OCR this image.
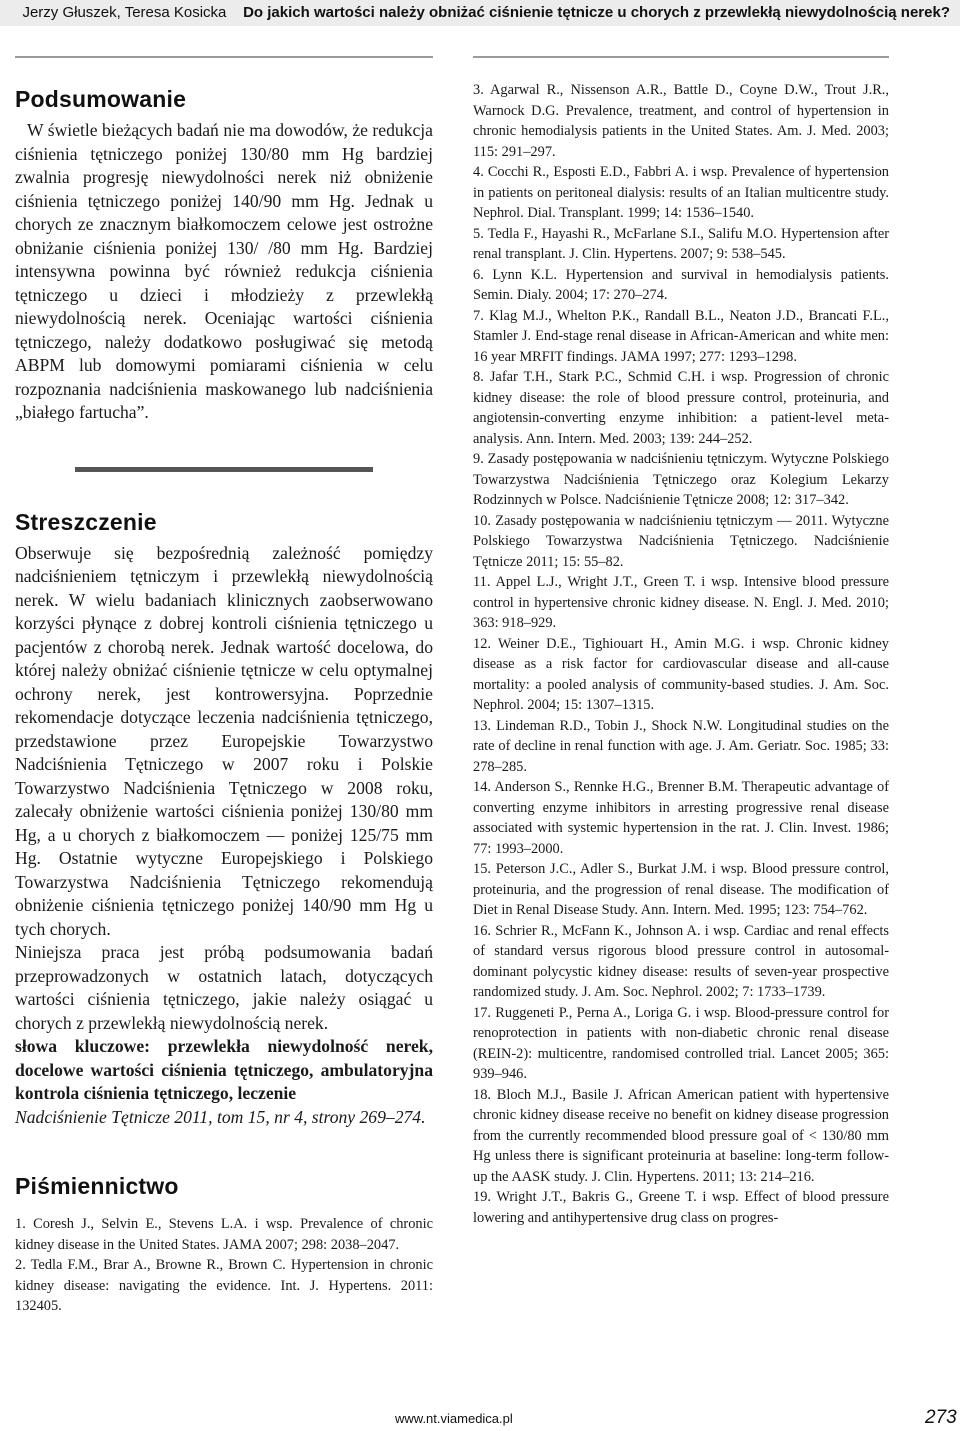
Jerzy Głuszek, Teresa Kosicka Do jakich wartości należy obniżać ciśnienie tętnicze u chorych z przewlekłą niewydolnością nerek?
Podsumowanie

W świetle bieżących badań nie ma dowodów, że redukcja ciśnienia tętniczego poniżej 130/80 mm Hg bardziej zwalnia progresję niewydolności nerek niż obniżenie ciśnienia tętniczego poniżej 140/90 mm Hg. Jednak u chorych ze znacznym białkomoczem celowe jest ostrożne obniżanie ciśnienia poniżej 130/ /80 mm Hg. Bardziej intensywna powinna być również redukcja ciśnienia tętniczego u dzieci i młodzieży z przewlekłą niewydolnością nerek. Oceniając wartości ciśnienia tętniczego, należy dodatkowo posługiwać się metodą ABPM lub domowymi pomiarami ciśnienia w celu rozpoznania nadciśnienia maskowanego lub nadciśnienia „białego fartucha”.

Streszczenie

Obserwuje się bezpośrednią zależność pomiędzy nadciśnieniem tętniczym i przewlekłą niewydolnością nerek. W wielu badaniach klinicznych zaobserwowano korzyści płynące z dobrej kontroli ciśnienia tętniczego u pacjentów z chorobą nerek. Jednak wartość docelowa, do której należy obniżać ciśnienie tętnicze w celu optymalnej ochrony nerek, jest kontrowersyjna. Poprzednie rekomendacje dotyczące leczenia nadciśnienia tętniczego, przedstawione przez Europejskie Towarzystwo Nadciśnienia Tętniczego w 2007 roku i Polskie Towarzystwo Nadciśnienia Tętniczego w 2008 roku, zalecały obniżenie wartości ciśnienia poniżej 130/80 mm Hg, a u chorych z białkomoczem — poniżej 125/75 mm Hg. Ostatnie wytyczne Europejskiego i Polskiego Towarzystwa Nadciśnienia Tętniczego rekomendują obniżenie ciśnienia tętniczego poniżej 140/90 mm Hg u tych chorych.

Niniejsza praca jest próbą podsumowania badań przeprowadzonych w ostatnich latach, dotyczących wartości ciśnienia tętniczego, jakie należy osiągać u chorych z przewlekłą niewydolnością nerek.

słowa kluczowe: przewlekła niewydolność nerek, docelowe wartości ciśnienia tętniczego, ambulatoryjna kontrola ciśnienia tętniczego, leczenie

Nadciśnienie Tętnicze 2011, tom 15, nr 4, strony 269–274.

Piśmiennictwo

1. Coresh J., Selvin E., Stevens L.A. i wsp. Prevalence of chronic kidney disease in the United States. JAMA 2007; 298: 2038–2047.

2. Tedla F.M., Brar A., Browne R., Brown C. Hypertension in chronic kidney disease: navigating the evidence. Int. J. Hypertens. 2011: 132405.

3. Agarwal R., Nissenson A.R., Battle D., Coyne D.W., Trout J.R., Warnock D.G. Prevalence, treatment, and control of hypertension in chronic hemodialysis patients in the United States. Am. J. Med. 2003; 115: 291–297.

4. Cocchi R., Esposti E.D., Fabbri A. i wsp. Prevalence of hypertension in patients on peritoneal dialysis: results of an Italian multicentre study. Nephrol. Dial. Transplant. 1999; 14: 1536–1540.

5. Tedla F., Hayashi R., McFarlane S.I., Salifu M.O. Hypertension after renal transplant. J. Clin. Hypertens. 2007; 9: 538–545.

6. Lynn K.L. Hypertension and survival in hemodialysis patients. Semin. Dialy. 2004; 17: 270–274.

7. Klag M.J., Whelton P.K., Randall B.L., Neaton J.D., Brancati F.L., Stamler J. End-stage renal disease in African-American and white men: 16 year MRFIT findings. JAMA 1997; 277: 1293–1298.

8. Jafar T.H., Stark P.C., Schmid C.H. i wsp. Progression of chronic kidney disease: the role of blood pressure control, proteinuria, and angiotensin-converting enzyme inhibition: a patient-level meta-analysis. Ann. Intern. Med. 2003; 139: 244–252.

9. Zasady postępowania w nadciśnieniu tętniczym. Wytyczne Polskiego Towarzystwa Nadciśnienia Tętniczego oraz Kolegium Lekarzy Rodzinnych w Polsce. Nadciśnienie Tętnicze 2008; 12: 317–342.

10. Zasady postępowania w nadciśnieniu tętniczym — 2011. Wytyczne Polskiego Towarzystwa Nadciśnienia Tętniczego. Nadciśnienie Tętnicze 2011; 15: 55–82.

11. Appel L.J., Wright J.T., Green T. i wsp. Intensive blood pressure control in hypertensive chronic kidney disease. N. Engl. J. Med. 2010; 363: 918–929.

12. Weiner D.E., Tighiouart H., Amin M.G. i wsp. Chronic kidney disease as a risk factor for cardiovascular disease and all-cause mortality: a pooled analysis of community-based studies. J. Am. Soc. Nephrol. 2004; 15: 1307–1315.

13. Lindeman R.D., Tobin J., Shock N.W. Longitudinal studies on the rate of decline in renal function with age. J. Am. Geriatr. Soc. 1985; 33: 278–285.

14. Anderson S., Rennke H.G., Brenner B.M. Therapeutic advantage of converting enzyme inhibitors in arresting progressive renal disease associated with systemic hypertension in the rat. J. Clin. Invest. 1986; 77: 1993–2000.

15. Peterson J.C., Adler S., Burkat J.M. i wsp. Blood pressure control, proteinuria, and the progression of renal disease. The modification of Diet in Renal Disease Study. Ann. Intern. Med. 1995; 123: 754–762.

16. Schrier R., McFann K., Johnson A. i wsp. Cardiac and renal effects of standard versus rigorous blood pressure control in autosomal-dominant polycystic kidney disease: results of seven-year prospective randomized study. J. Am. Soc. Nephrol. 2002; 7: 1733–1739.

17. Ruggeneti P., Perna A., Loriga G. i wsp. Blood-pressure control for renoprotection in patients with non-diabetic chronic renal disease (REIN-2): multicentre, randomised controlled trial. Lancet 2005; 365: 939–946.

18. Bloch M.J., Basile J. African American patient with hypertensive chronic kidney disease receive no benefit on kidney disease progression from the currently recommended blood pressure goal of < 130/80 mm Hg unless there is significant proteinuria at baseline: long-term follow-up the AASK study. J. Clin. Hypertens. 2011; 13: 214–216.

19. Wright J.T., Bakris G., Greene T. i wsp. Effect of blood pressure lowering and antihypertensive drug class on progres-

www.nt.viamedica.pl	273
